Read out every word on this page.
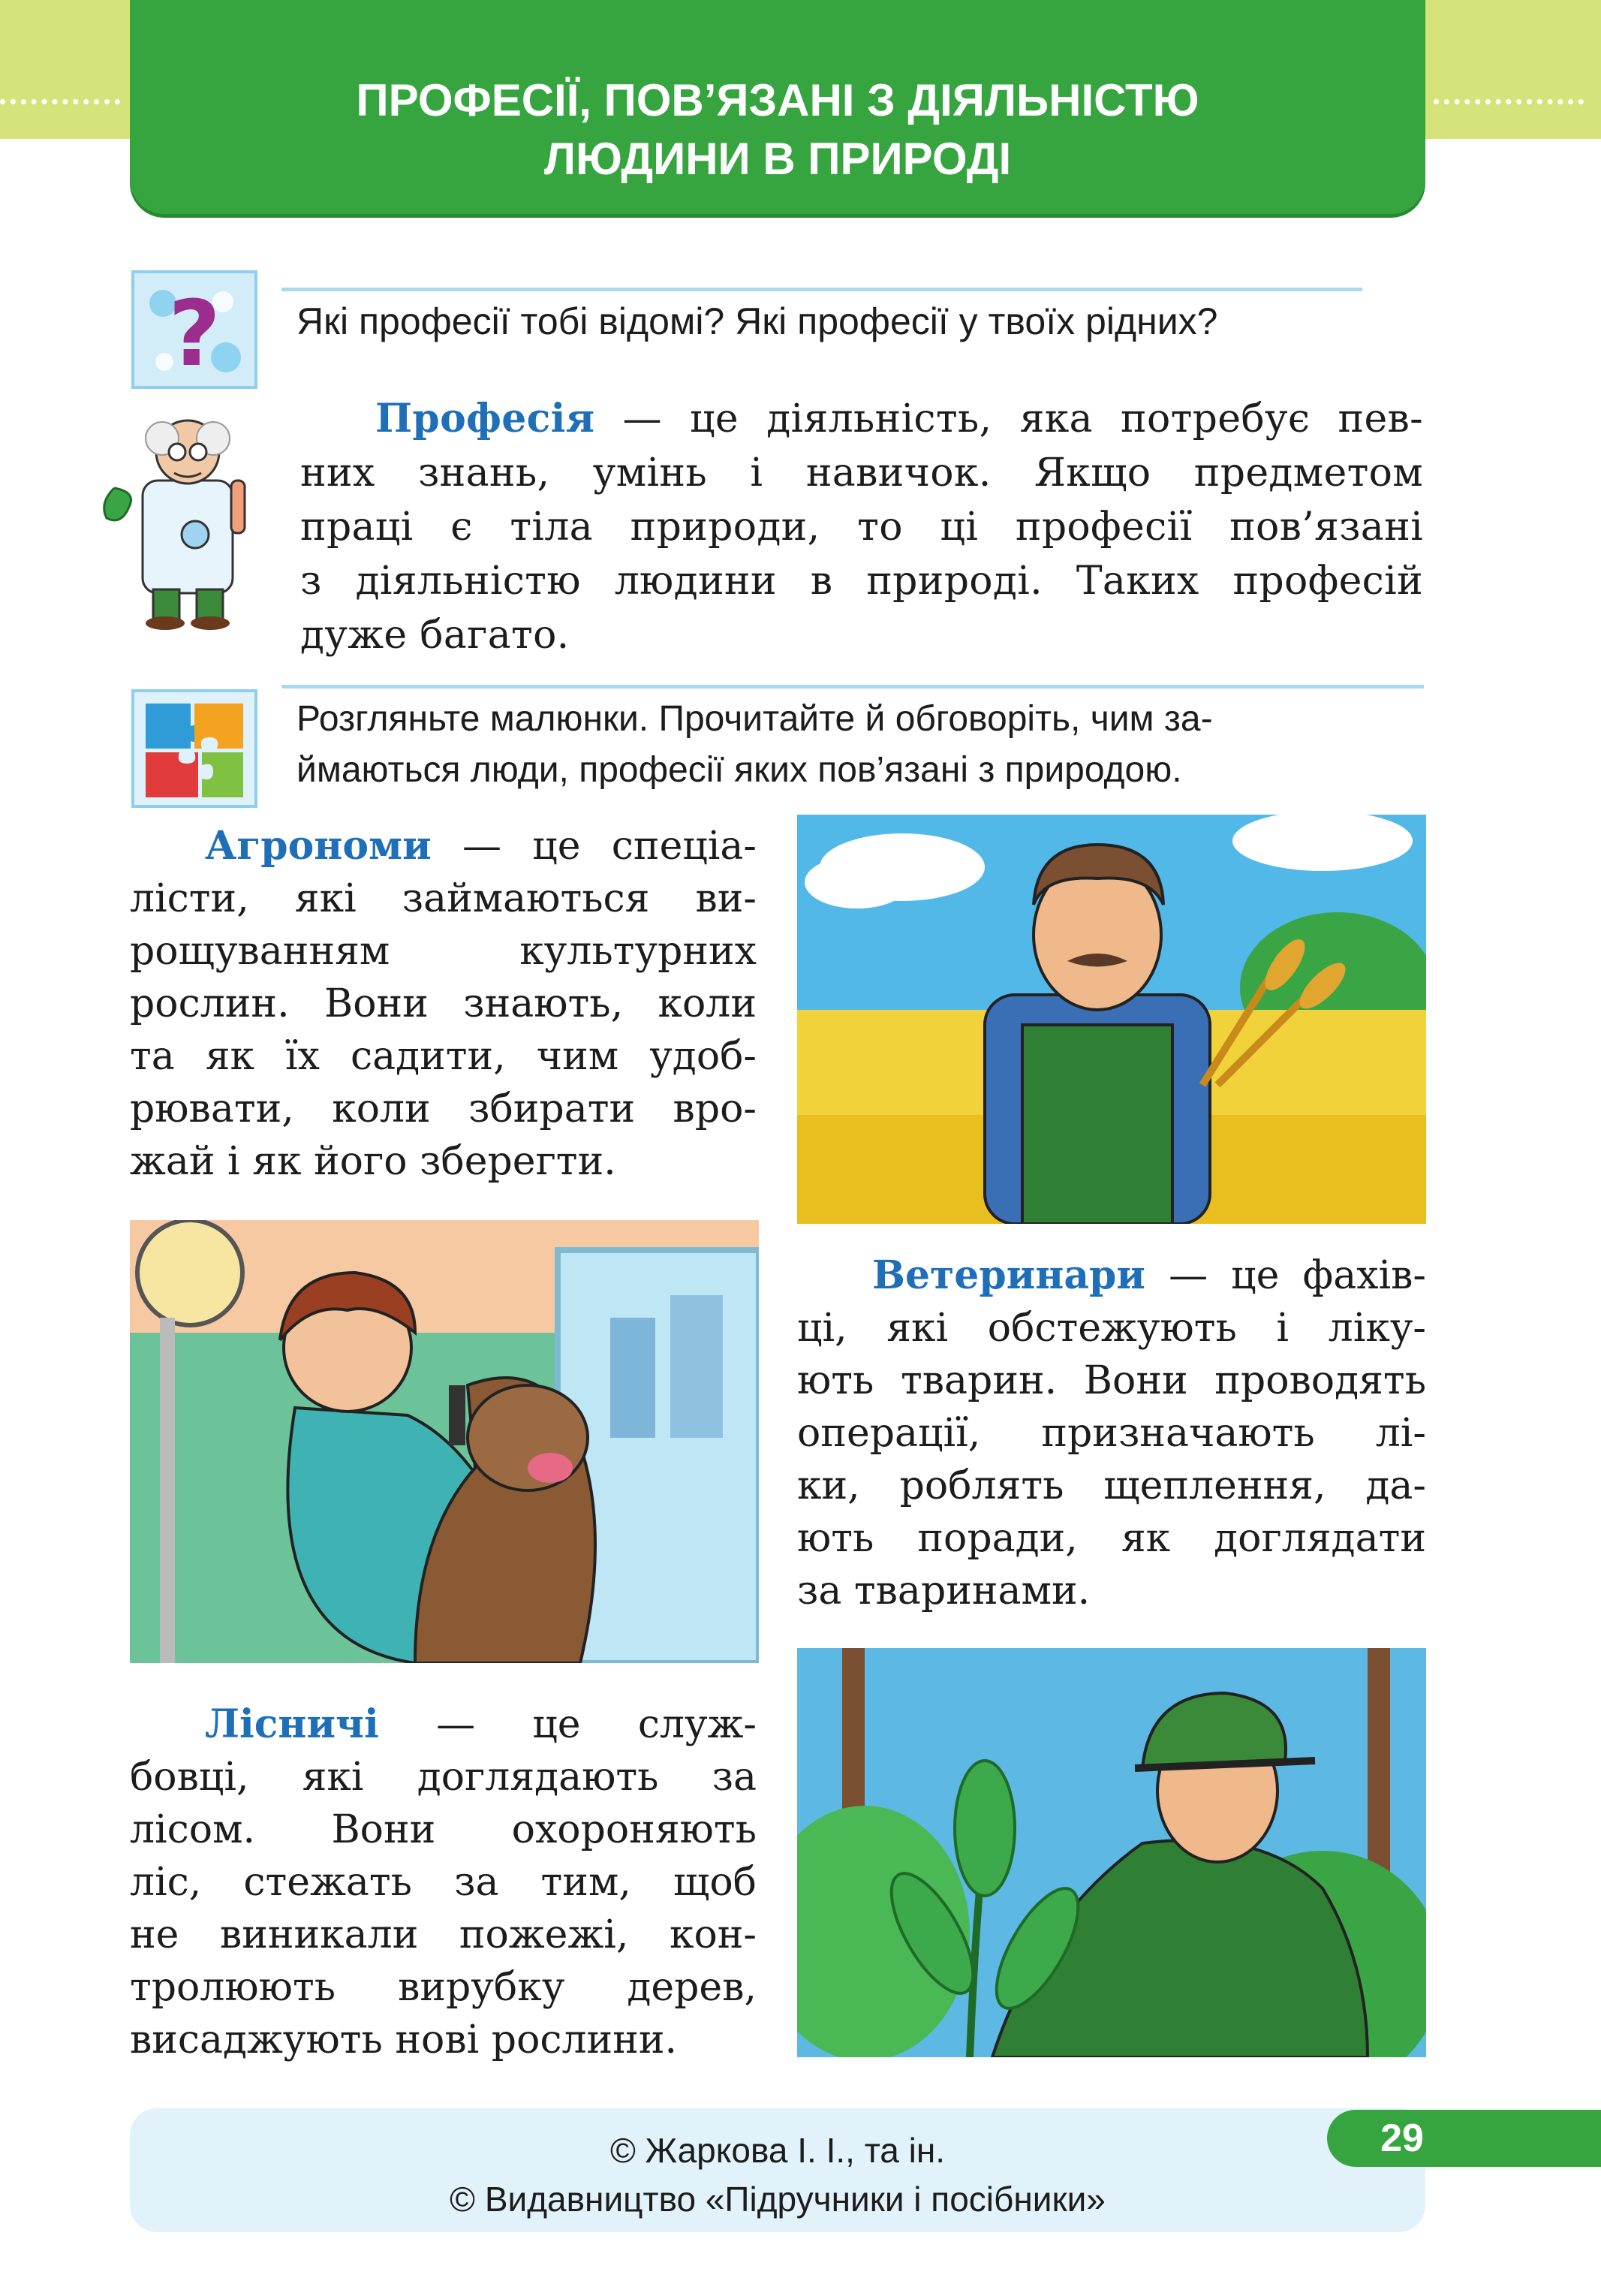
ПРОФЕСІЇ, ПОВ’ЯЗАНІ З ДІЯЛЬНІСТЮ
ЛЮДИНИ В ПРИРОДІ
? Які професії тобі відомі? Які професії у твоїх рідних?
Професія — це діяльність, яка потребує пев-
них знань, умінь і навичок. Якщо предметом
праці є тіла природи, то ці професії пов’язані
з діяльністю людини в природі. Таких професій
дуже багато.
Розгляньте малюнки. Прочитайте й обговоріть, чим за-
ймаються люди, професії яких пов’язані з природою.
Агрономи — це спеціа-
лісти, які займаються ви-
рощуванням культурних
рослин. Вони знають, коли
та як їх садити, чим удоб-
рювати, коли збирати вро-
жай і як його зберегти.
Ветеринари — це фахів-
ці, які обстежують і ліку-
ють тварин. Вони проводять
операції, призначають лі-
ки, роблять щеплення, да-
ють поради, як доглядати
за тваринами.
Лісничі — це служ-
бовці, які доглядають за
лісом. Вони охороняють
ліс, стежать за тим, щоб
не виникали пожежі, кон-
тролюють вирубку дерев,
висаджують нові рослини.
29
© Жаркова І. І., та ін.
© Видавництво «Підручники і посібники»
